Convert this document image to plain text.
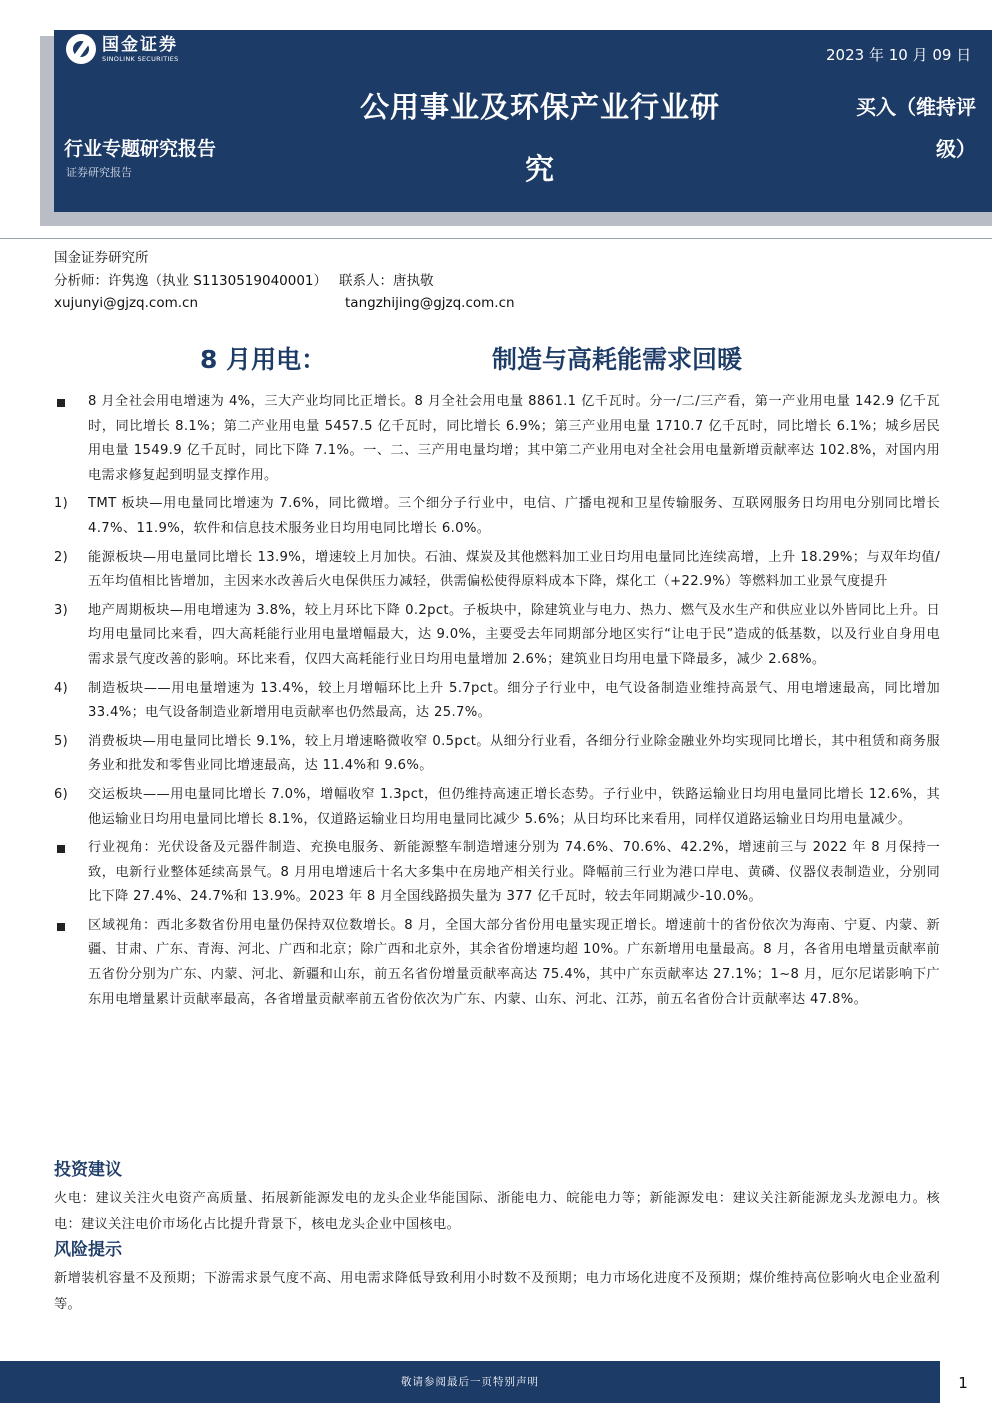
国金证券
SINOLINK SECURITIES
行业专题研究报告
证券研究报告
公用事业及环保产业行业研
究
2023 年 10 月 09 日
买入（维持评
级）
国金证券研究所
分析师：许隽逸（执业 S1130519040001） 联系人：唐执敬
xujunyi@gjzq.com.cn	tangzhijing@gjzq.com.cn
8 月用电：	制造与高耗能需求回暖
8 月全社会用电增速为 4%，三大产业均同比正增长。8 月全社会用电量 8861.1 亿千瓦时。分一/二/三产看，第一产业用电量 142.9 亿千瓦时，同比增长 8.1%；第二产业用电量 5457.5 亿千瓦时，同比增长 6.9%；第三产业用电量 1710.7 亿千瓦时，同比增长 6.1%；城乡居民用电量 1549.9 亿千瓦时，同比下降 7.1%。一、二、三产用电量均增；其中第二产业用电对全社会用电量新增贡献率达 102.8%，对国内用电需求修复起到明显支撑作用。
1)	TMT 板块—用电量同比增速为 7.6%，同比微增。三个细分子行业中，电信、广播电视和卫星传输服务、互联网服务日均用电分别同比增长 4.7%、11.9%，软件和信息技术服务业日均用电同比增长 6.0%。
2)	能源板块—用电量同比增长 13.9%，增速较上月加快。石油、煤炭及其他燃料加工业日均用电量同比连续高增，上升 18.29%；与双年均值/五年均值相比皆增加，主因来水改善后火电保供压力减轻，供需偏松使得原料成本下降，煤化工（+22.9%）等燃料加工业景气度提升
3)	地产周期板块—用电增速为 3.8%，较上月环比下降 0.2pct。子板块中，除建筑业与电力、热力、燃气及水生产和供应业以外皆同比上升。日均用电量同比来看，四大高耗能行业用电量增幅最大，达 9.0%，主要受去年同期部分地区实行“让电于民”造成的低基数，以及行业自身用电需求景气度改善的影响。环比来看，仅四大高耗能行业日均用电量增加 2.6%；建筑业日均用电量下降最多，减少 2.68%。
4)	制造板块——用电量增速为 13.4%，较上月增幅环比上升 5.7pct。细分子行业中，电气设备制造业维持高景气、用电增速最高，同比增加 33.4%；电气设备制造业新增用电贡献率也仍然最高，达 25.7%。
5)	消费板块—用电量同比增长 9.1%，较上月增速略微收窄 0.5pct。从细分行业看，各细分行业除金融业外均实现同比增长，其中租赁和商务服务业和批发和零售业同比增速最高，达 11.4%和 9.6%。
6)	交运板块——用电量同比增长 7.0%，增幅收窄 1.3pct，但仍维持高速正增长态势。子行业中，铁路运输业日均用电量同比增长 12.6%，其他运输业日均用电量同比增长 8.1%，仅道路运输业日均用电量同比减少 5.6%；从日均环比来看用，同样仅道路运输业日均用电量减少。
行业视角：光伏设备及元器件制造、充换电服务、新能源整车制造增速分别为 74.6%、70.6%、42.2%，增速前三与 2022 年 8 月保持一致，电新行业整体延续高景气。8 月用电增速后十名大多集中在房地产相关行业。降幅前三行业为港口岸电、黄磷、仪器仪表制造业，分别同比下降 27.4%、24.7%和 13.9%。2023 年 8 月全国线路损失量为 377 亿千瓦时，较去年同期减少-10.0%。
区域视角：西北多数省份用电量仍保持双位数增长。8 月，全国大部分省份用电量实现正增长。增速前十的省份依次为海南、宁夏、内蒙、新疆、甘肃、广东、青海、河北、广西和北京；除广西和北京外，其余省份增速均超 10%。广东新增用电量最高。8 月，各省用电增量贡献率前五省份分别为广东、内蒙、河北、新疆和山东，前五名省份增量贡献率高达 75.4%，其中广东贡献率达 27.1%；1~8 月，厄尔尼诺影响下广东用电增量累计贡献率最高，各省增量贡献率前五省份依次为广东、内蒙、山东、河北、江苏，前五名省份合计贡献率达 47.8%。
投资建议
火电：建议关注火电资产高质量、拓展新能源发电的龙头企业华能国际、浙能电力、皖能电力等；新能源发电：建议关注新能源龙头龙源电力。核电：建议关注电价市场化占比提升背景下，核电龙头企业中国核电。
风险提示
新增装机容量不及预期；下游需求景气度不高、用电需求降低导致利用小时数不及预期；电力市场化进度不及预期；煤价维持高位影响火电企业盈利等。
敬请参阅最后一页特别声明	1
